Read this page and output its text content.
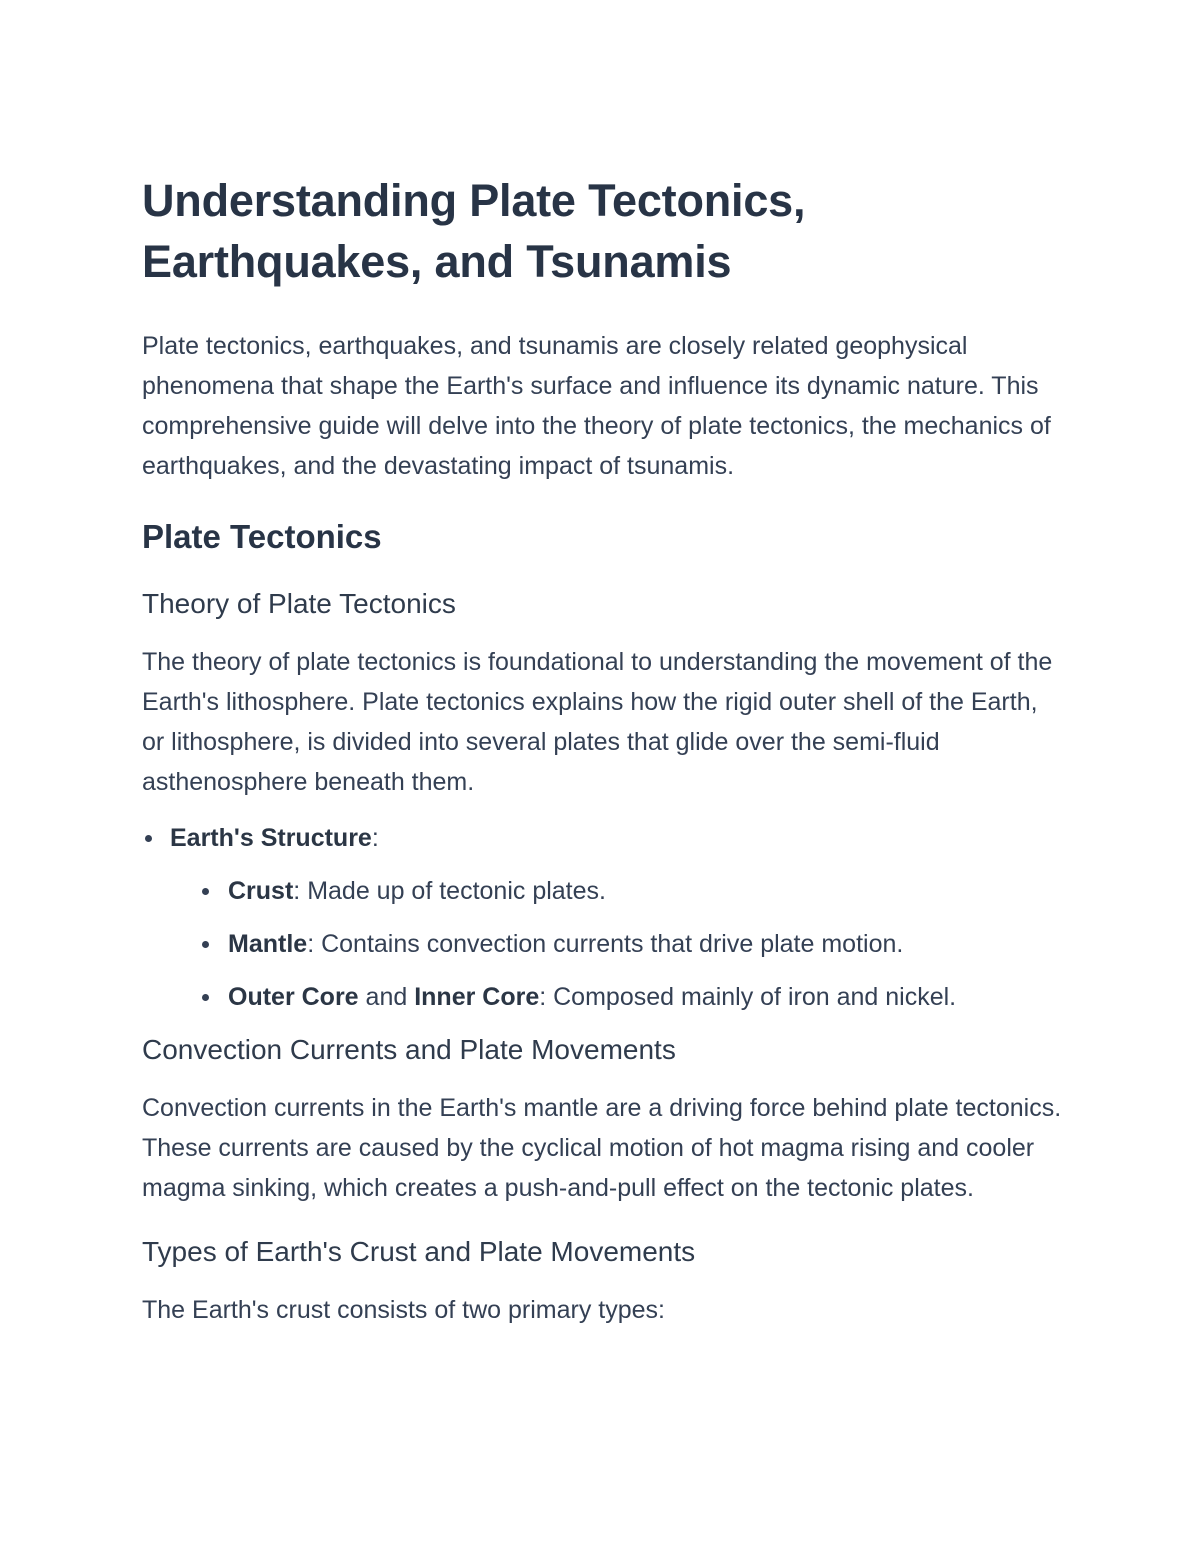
Understanding Plate Tectonics, Earthquakes, and Tsunamis

Plate tectonics, earthquakes, and tsunamis are closely related geophysical phenomena that shape the Earth's surface and influence its dynamic nature. This comprehensive guide will delve into the theory of plate tectonics, the mechanics of earthquakes, and the devastating impact of tsunamis.

Plate Tectonics
Theory of Plate Tectonics

The theory of plate tectonics is foundational to understanding the movement of the Earth's lithosphere. Plate tectonics explains how the rigid outer shell of the Earth, or lithosphere, is divided into several plates that glide over the semi-fluid asthenosphere beneath them.

Earth's Structure:
Crust: Made up of tectonic plates.
Mantle: Contains convection currents that drive plate motion.
Outer Core and Inner Core: Composed mainly of iron and nickel.
Convection Currents and Plate Movements

Convection currents in the Earth's mantle are a driving force behind plate tectonics. These currents are caused by the cyclical motion of hot magma rising and cooler magma sinking, which creates a push-and-pull effect on the tectonic plates.

Types of Earth's Crust and Plate Movements

The Earth's crust consists of two primary types:
